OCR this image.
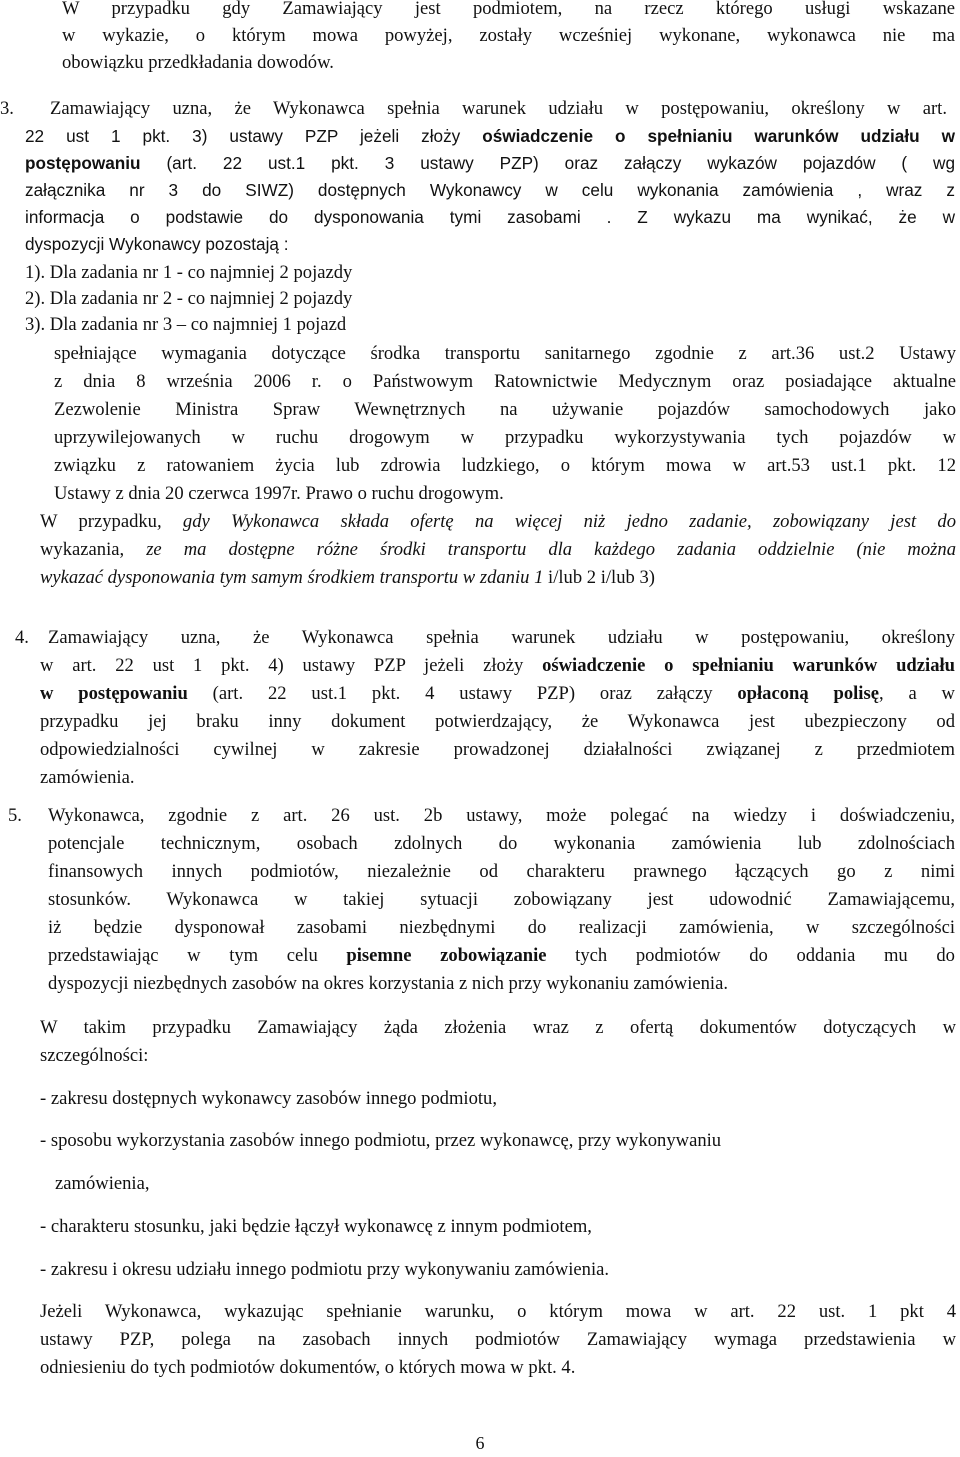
W przypadku gdy Zamawiający jest podmiotem, na rzecz którego usługi wskazane

w wykazie, o którym mowa powyżej, zostały wcześniej wykonane, wykonawca nie ma

obowiązku przedkładania dowodów.

3. Zamawiający uzna, że Wykonawca spełnia warunek udziału w postępowaniu, określony w art.

22 ust 1 pkt. 3) ustawy PZP jeżeli złoży oświadczenie o spełnianiu warunków udziału w

postępowaniu (art. 22 ust.1 pkt. 3 ustawy PZP) oraz załączy wykazów pojazdów ( wg

załącznika nr 3 do SIWZ) dostępnych Wykonawcy w celu wykonania zamówienia , wraz z

informacja o podstawie do dysponowania tymi zasobami . Z wykazu ma wynikać, że w

dyspozycji Wykonawcy pozostają :

1). Dla zadania nr 1 - co najmniej 2 pojazdy

2). Dla zadania nr 2 - co najmniej 2 pojazdy

3). Dla zadania nr 3 – co najmniej 1 pojazd

spełniające wymagania dotyczące środka transportu sanitarnego zgodnie z art.36 ust.2 Ustawy

z dnia 8 września 2006 r. o Państwowym Ratownictwie Medycznym oraz posiadające aktualne

Zezwolenie Ministra Spraw Wewnętrznych na używanie pojazdów samochodowych jako

uprzywilejowanych w ruchu drogowym w przypadku wykorzystywania tych pojazdów w

związku z ratowaniem życia lub zdrowia ludzkiego, o którym mowa w art.53 ust.1 pkt. 12

Ustawy z dnia 20 czerwca 1997r. Prawo o ruchu drogowym.

W przypadku, gdy Wykonawca składa ofertę na więcej niż jedno zadanie, zobowiązany jest do

wykazania, ze ma dostępne różne środki transportu dla każdego zadania oddzielnie (nie można

wykazać dysponowania tym samym środkiem transportu w zdaniu 1 i/lub 2 i/lub 3)

4. Zamawiający uzna, że Wykonawca spełnia warunek udziału w postępowaniu, określony

w art. 22 ust 1 pkt. 4) ustawy PZP jeżeli złoży oświadczenie o spełnianiu warunków udziału

w postępowaniu (art. 22 ust.1 pkt. 4 ustawy PZP) oraz załączy opłaconą polisę, a w

przypadku jej braku inny dokument potwierdzający, że Wykonawca jest ubezpieczony od

odpowiedzialności cywilnej w zakresie prowadzonej działalności związanej z przedmiotem

zamówienia.

5. Wykonawca, zgodnie z art. 26 ust. 2b ustawy, może polegać na wiedzy i doświadczeniu,

potencjale technicznym, osobach zdolnych do wykonania zamówienia lub zdolnościach

finansowych innych podmiotów, niezależnie od charakteru prawnego łączących go z nimi

stosunków. Wykonawca w takiej sytuacji zobowiązany jest udowodnić Zamawiającemu,

iż będzie dysponował zasobami niezbędnymi do realizacji zamówienia, w szczególności

przedstawiając w tym celu pisemne zobowiązanie tych podmiotów do oddania mu do

dyspozycji niezbędnych zasobów na okres korzystania z nich przy wykonaniu zamówienia.

W takim przypadku Zamawiający żąda złożenia wraz z ofertą dokumentów dotyczących w

szczególności:

- zakresu dostępnych wykonawcy zasobów innego podmiotu,

- sposobu wykorzystania zasobów innego podmiotu, przez wykonawcę, przy wykonywaniu

zamówienia,

- charakteru stosunku, jaki będzie łączył wykonawcę z innym podmiotem,

- zakresu i okresu udziału innego podmiotu przy wykonywaniu zamówienia.

Jeżeli Wykonawca, wykazując spełnianie warunku, o którym mowa w art. 22 ust. 1 pkt 4

ustawy PZP, polega na zasobach innych podmiotów Zamawiający wymaga przedstawienia w

odniesieniu do tych podmiotów dokumentów, o których mowa w pkt. 4.

6
